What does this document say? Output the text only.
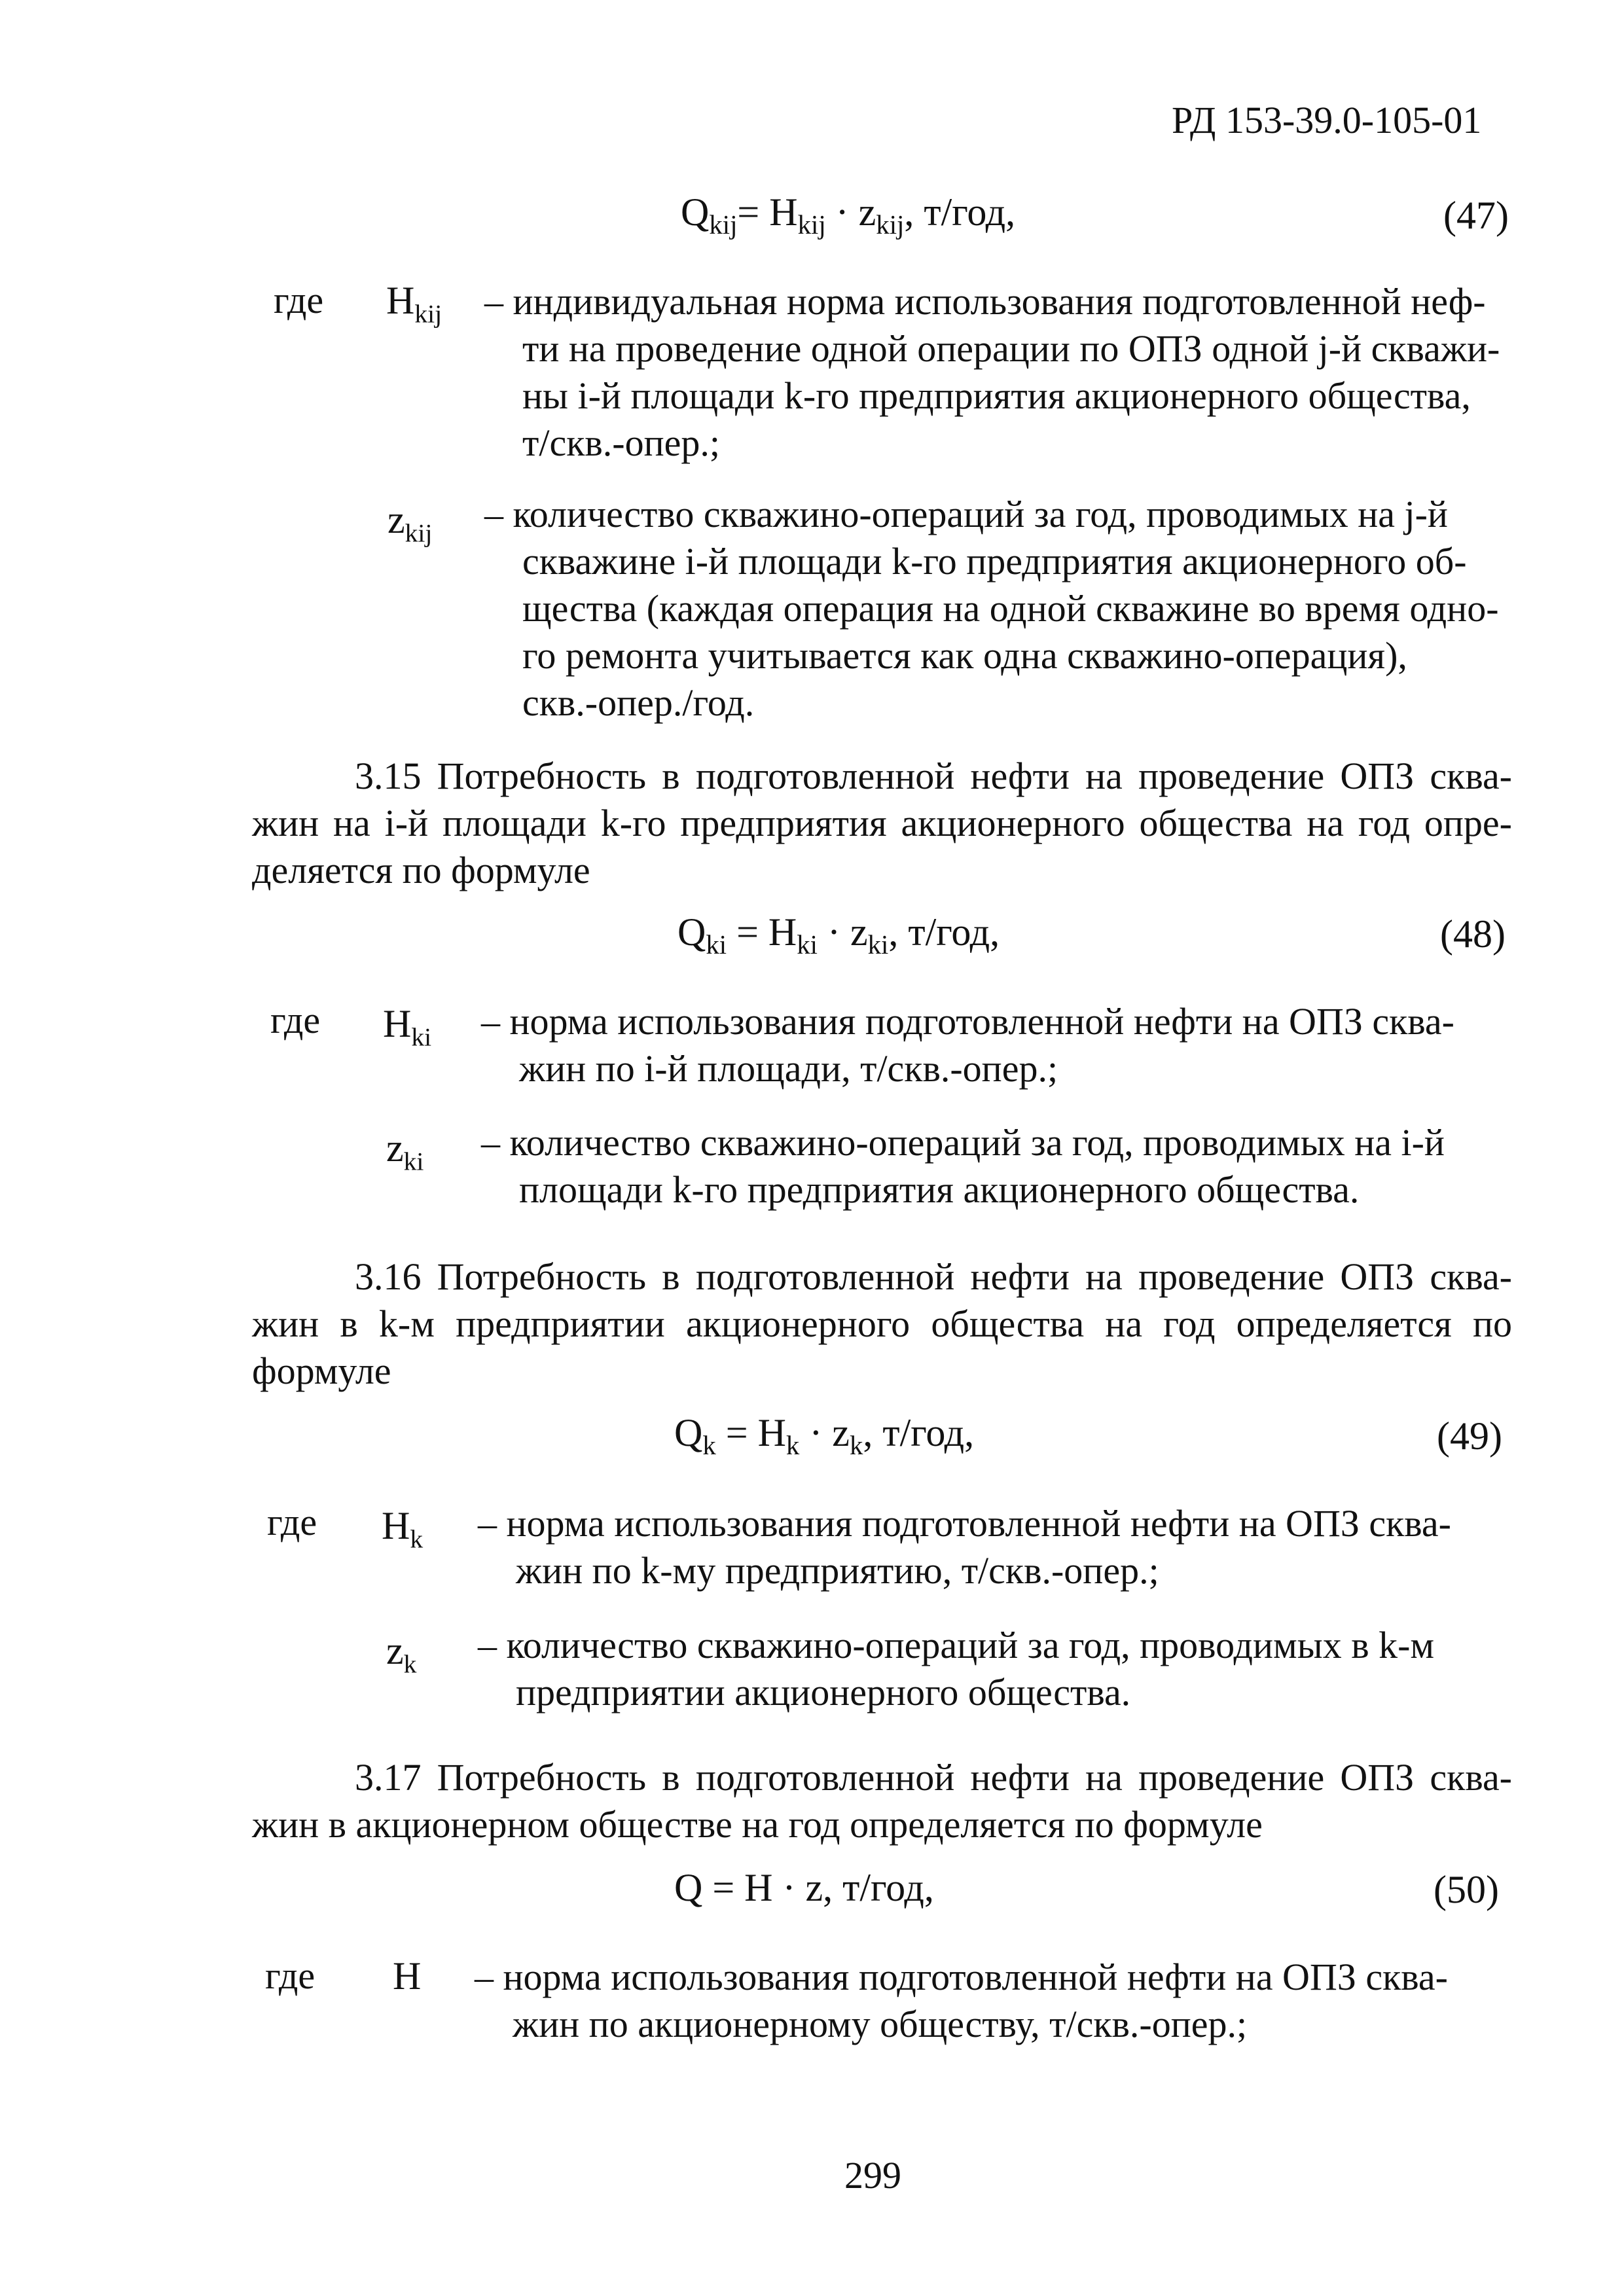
РД 153-39.0-105-01
$Q_{kij}= H_{kij} \cdot z_{kij}$, т/год,	(47)
где $H_{kij}$ – индивидуальная норма использования подготовленной неф-
ти на проведение одной операции по ОПЗ одной j-й скважи-
ны i-й площади k-го предприятия акционерного общества,
т/скв.-опер.;
$z_{kij}$ – количество скважино-операций за год, проводимых на j-й
скважине i-й площади k-го предприятия акционерного об-
щества (каждая операция на одной скважине во время одно-
го ремонта учитывается как одна скважино-операция),
скв.-опер./год.
3.15 Потребность в подготовленной нефти на проведение ОПЗ сква-
жин на i-й площади k-го предприятия акционерного общества на год опре-
деляется по формуле
$Q_{ki} = H_{ki} \cdot z_{ki}$, т/год,	(48)
где $H_{ki}$ – норма использования подготовленной нефти на ОПЗ сква-
жин по i-й площади, т/скв.-опер.;
$z_{ki}$ – количество скважино-операций за год, проводимых на i-й
площади k-го предприятия акционерного общества.
3.16 Потребность в подготовленной нефти на проведение ОПЗ сква-
жин в k-м предприятии акционерного общества на год определяется по
формуле
$Q_k = H_k \cdot z_k$, т/год,	(49)
где $H_k$ – норма использования подготовленной нефти на ОПЗ сква-
жин по k-му предприятию, т/скв.-опер.;
$z_k$ – количество скважино-операций за год, проводимых в k-м
предприятии акционерного общества.
3.17 Потребность в подготовленной нефти на проведение ОПЗ сква-
жин в акционерном обществе на год определяется по формуле
Q = H · z, т/год,	(50)
где H – норма использования подготовленной нефти на ОПЗ сква-
жин по акционерному обществу, т/скв.-опер.;
299
